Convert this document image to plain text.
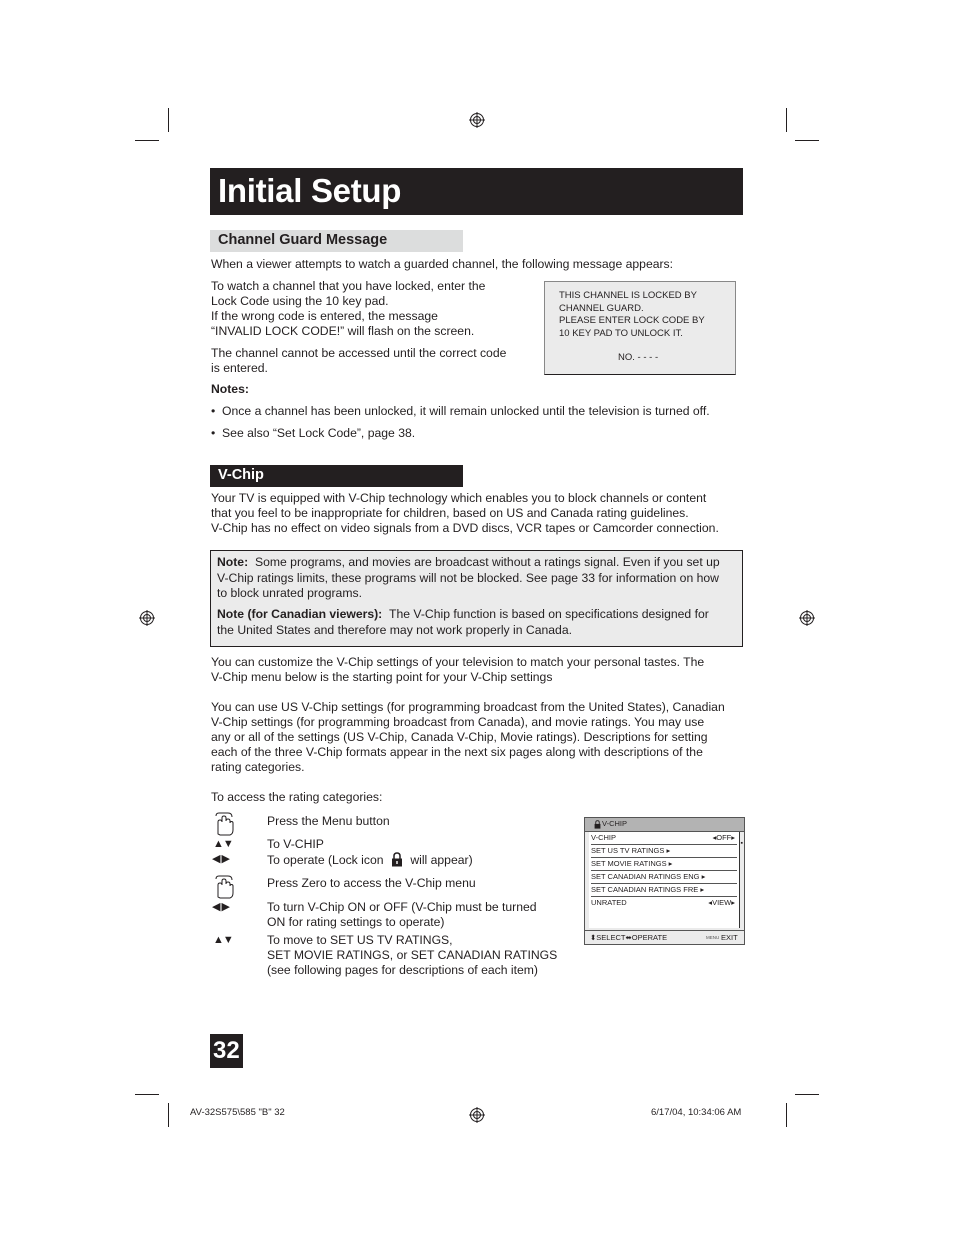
Initial Setup
Channel Guard Message
When a viewer attempts to watch a guarded channel, the following message appears:
To watch a channel that you have locked, enter the
Lock Code using the 10 key pad.
If the wrong code is entered, the message
“INVALID LOCK CODE!” will flash on the screen.
The channel cannot be accessed until the correct code
is entered.
THIS CHANNEL IS LOCKED BY
CHANNEL GUARD.
PLEASE ENTER LOCK CODE BY
10 KEY PAD TO UNLOCK IT.
NO. - - - -
Notes:
•  Once a channel has been unlocked, it will remain unlocked until the television is turned off.
•  See also “Set Lock Code”, page 38.
V-Chip
Your TV is equipped with V-Chip technology which enables you to block channels or content
that you feel to be inappropriate for children, based on US and Canada rating guidelines.
V-Chip has no effect on video signals from a DVD discs, VCR tapes or Camcorder connection.

Note: Some programs, and movies are broadcast without a ratings signal. Even if you set up
V-Chip ratings limits, these programs will not be blocked. See page 33 for information on how
to block unrated programs.

Note (for Canadian viewers): The V-Chip function is based on specifications designed for
the United States and therefore may not work properly in Canada.

You can customize the V-Chip settings of your television to match your personal tastes. The
V-Chip menu below is the starting point for your V-Chip settings
You can use US V-Chip settings (for programming broadcast from the United States), Canadian
V-Chip settings (for programming broadcast from Canada), and movie ratings. You may use
any or all of the settings (US V-Chip, Canada V-Chip, Movie ratings). Descriptions for setting
each of the three V-Chip formats appear in the next six pages along with descriptions of the
rating categories.
To access the rating categories:
Press the Menu button
▲▼	To V-CHIP
◀ ▶	To operate (Lock icon will appear)
Press Zero to access the V-Chip menu
◀ ▶	To turn V-Chip ON or OFF (V-Chip must be turned
ON for rating settings to operate)
▲▼	To move to SET US TV RATINGS,
SET MOVIE RATINGS, or SET CANADIAN RATINGS
(see following pages for descriptions of each item)
V-CHIP
V-CHIP	◂OFF▸
SET US TV RATINGS ▸
SET MOVIE RATINGS ▸
SET CANADIAN RATINGS ENG ▸
SET CANADIAN RATINGS FRE ▸
UNRATED	◂VIEW▸
▪
⬍SELECT⬌OPERATE	MENU EXIT
32
AV-32S575\585 "B" 32	6/17/04, 10:34:06 AM
